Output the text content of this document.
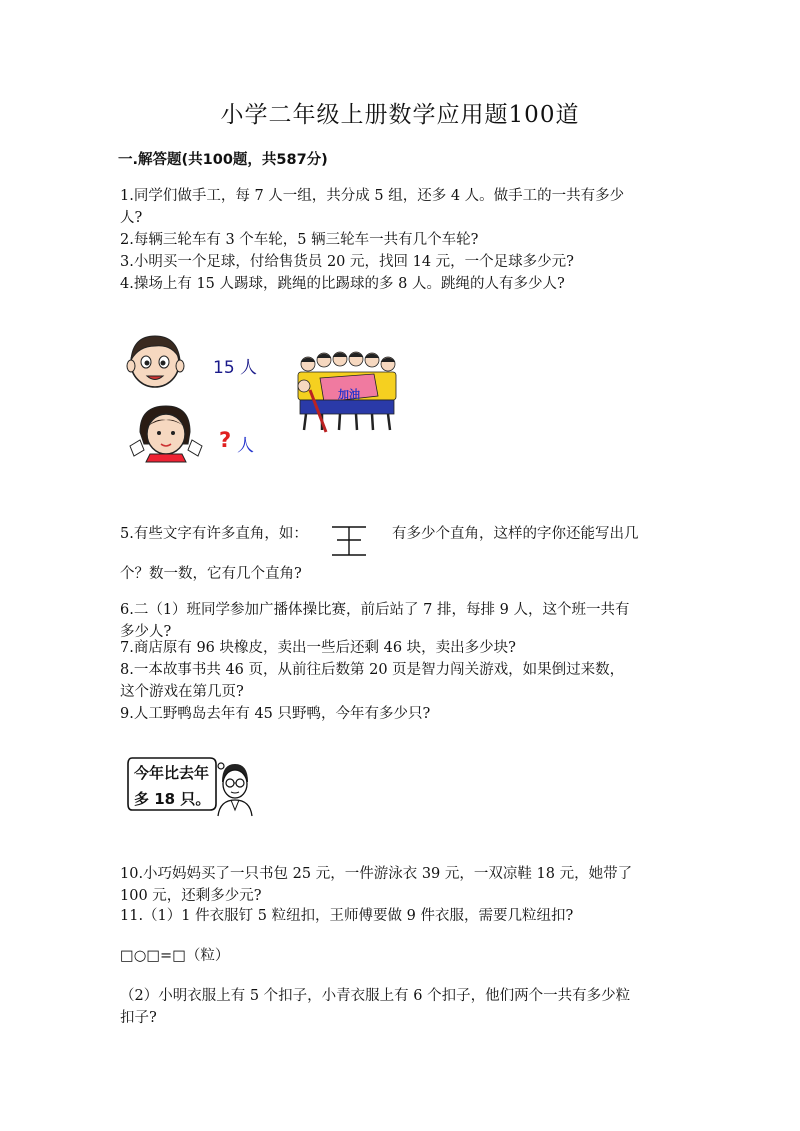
小学二年级上册数学应用题100道
一.解答题(共100题，共587分)
1.同学们做手工，每 7 人一组，共分成 5 组，还多 4 人。做手工的一共有多少
人?
2.每辆三轮车有 3 个车轮，5 辆三轮车一共有几个车轮?
3.小明买一个足球，付给售货员 20 元，找回 14 元，一个足球多少元?
4.操场上有 15 人踢球，跳绳的比踢球的多 8 人。跳绳的人有多少人?
15 人
? 人
加油
5.有些文字有许多直角，如：	有多少个直角，这样的字你还能写出几
个？数一数，它有几个直角?
6.二（1）班同学参加广播体操比赛，前后站了 7 排，每排 9 人，这个班一共有
多少人?
7.商店原有 96 块橡皮，卖出一些后还剩 46 块，卖出多少块?
8.一本故事书共 46 页，从前往后数第 20 页是智力闯关游戏，如果倒过来数，
这个游戏在第几页?
9.人工野鸭岛去年有 45 只野鸭，今年有多少只?
今年比去年
多 18 只。
10.小巧妈妈买了一只书包 25 元，一件游泳衣 39 元，一双凉鞋 18 元，她带了
100 元，还剩多少元?
11.（1）1 件衣服钉 5 粒纽扣，王师傅要做 9 件衣服，需要几粒纽扣?
□○□=□（粒）
（2）小明衣服上有 5 个扣子，小青衣服上有 6 个扣子，他们两个一共有多少粒
扣子?
